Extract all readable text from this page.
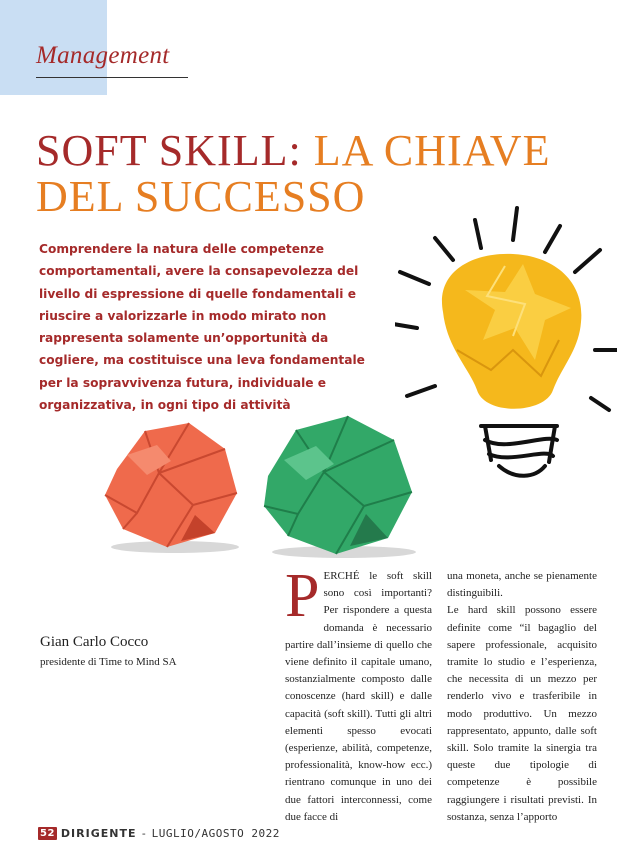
Management
SOFT SKILL: LA CHIAVE DEL SUCCESSO

Comprendere la natura delle competenze comportamentali, avere la consapevolezza del livello di espressione di quelle fondamentali e riuscire a valorizzarle in modo mirato non rappresenta solamente un’opportunità da cogliere, ma costituisce una leva fondamentale per la sopravvivenza futura, individuale e organizzativa, in ogni tipo di attività

Gian Carlo Cocco
presidente di Time to Mind SA
P ERCHÉ le soft skill sono così importanti? Per rispondere a questa domanda è necessario partire dall’insieme di quello che viene definito il capitale umano, sostanzialmente composto dalle conoscenze (hard skill) e dalle capacità (soft skill). Tutti gli altri elementi spesso evocati (esperienze, abilità, competenze, professionalità, know-how ecc.) rientrano comunque in uno dei due fattori interconnessi, come due facce di

una moneta, anche se pienamente distinguibili.

Le hard skill possono essere definite come “il bagaglio del sapere professionale, acquisito tramite lo studio e l’esperienza, che necessita di un mezzo per renderlo vivo e trasferibile in modo produttivo. Un mezzo rappresentato, appunto, dalle soft skill. Solo tramite la sinergia tra queste due tipologie di competenze è possibile raggiungere i risultati previsti. In sostanza, senza l’apporto

52 DIRIGENTE - LUGLIO/AGOSTO 2022
